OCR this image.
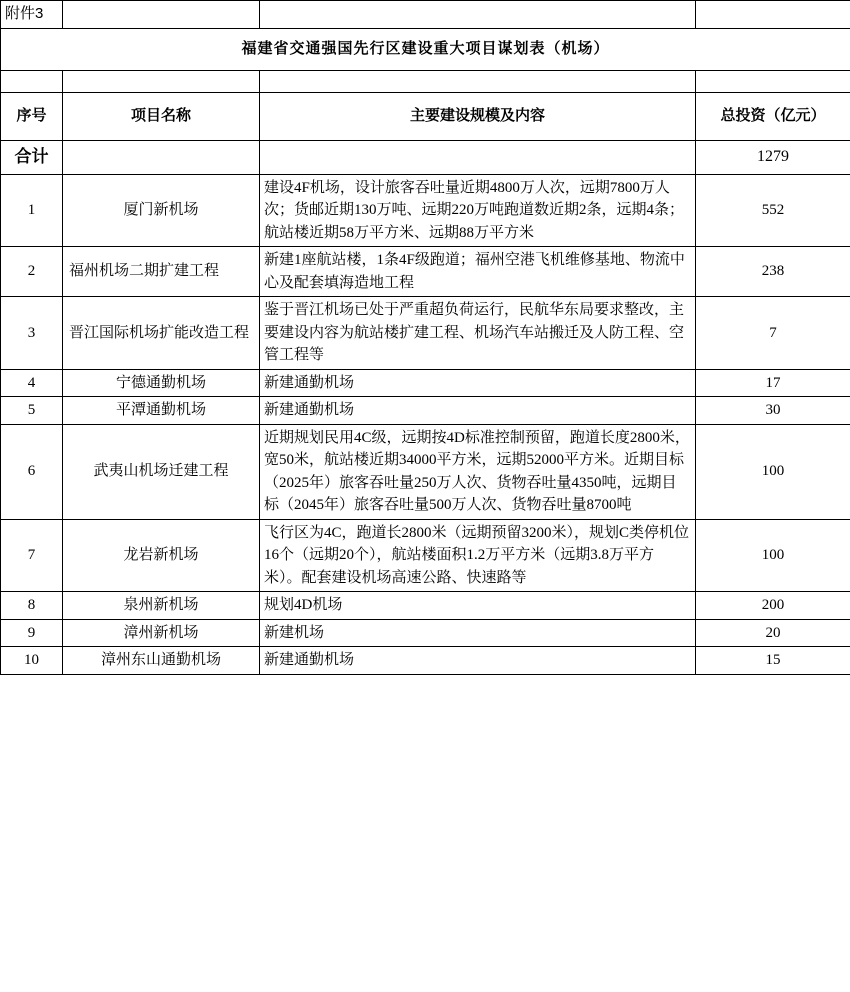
附件3			
福建省交通强国先行区建设重大项目谋划表（机场）			

序号	项目名称	主要建设规模及内容	总投资（亿元）
合计			1279
1	厦门新机场	建设4F机场，设计旅客吞吐量近期4800万人次，远期7800万人次；货邮近期130万吨、远期220万吨跑道数近期2条，远期4条；航站楼近期58万平方米、远期88万平方米	552
2	福州机场二期扩建工程	新建1座航站楼，1条4F级跑道；福州空港飞机维修基地、物流中心及配套填海造地工程	238
3	晋江国际机场扩能改造工程	鉴于晋江机场已处于严重超负荷运行，民航华东局要求整改，主要建设内容为航站楼扩建工程、机场汽车站搬迁及人防工程、空管工程等	7
4	宁德通勤机场	新建通勤机场	17
5	平潭通勤机场	新建通勤机场	30
6	武夷山机场迁建工程	近期规划民用4C级，远期按4D标准控制预留，跑道长度2800米，宽50米，航站楼近期34000平方米，远期52000平方米。近期目标（2025年）旅客吞吐量250万人次、货物吞吐量4350吨，远期目标（2045年）旅客吞吐量500万人次、货物吞吐量8700吨	100
7	龙岩新机场	飞行区为4C，跑道长2800米（远期预留3200米），规划C类停机位16个（远期20个），航站楼面积1.2万平方米（远期3.8万平方米）。配套建设机场高速公路、快速路等	100
8	泉州新机场	规划4D机场	200
9	漳州新机场	新建机场	20
10	漳州东山通勤机场	新建通勤机场	15
